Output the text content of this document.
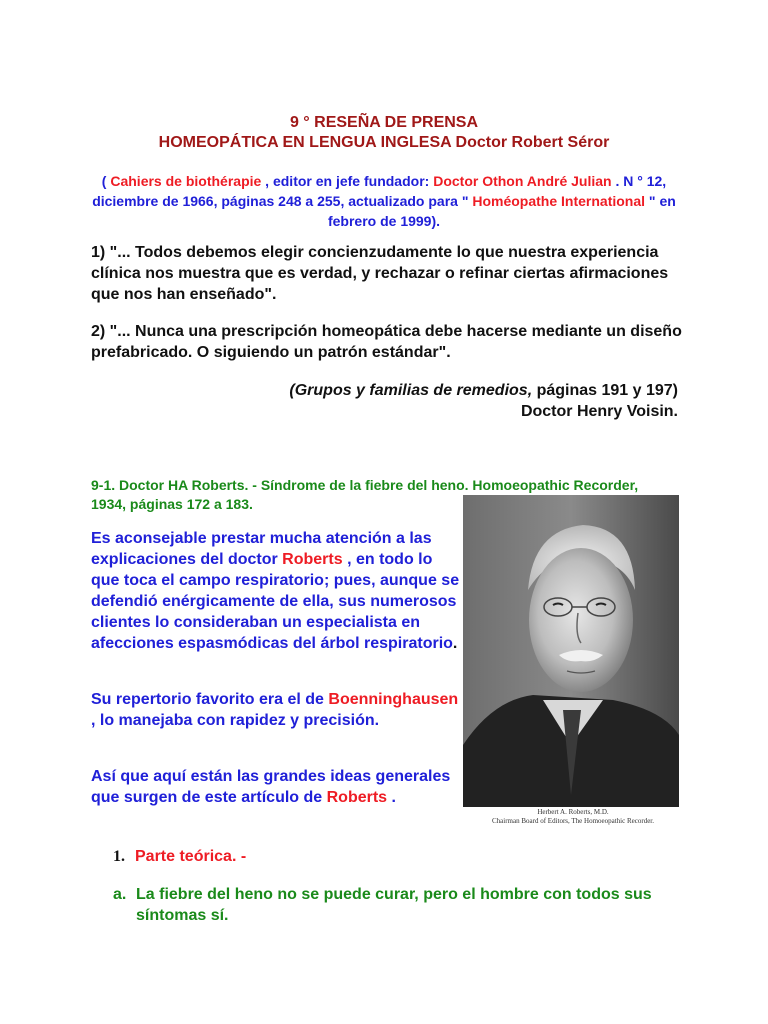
9 ° RESEÑA DE PRENSA
HOMEOPÁTICA EN LENGUA INGLESA Doctor Robert Séror
( Cahiers de biothérapie , editor en jefe fundador: Doctor Othon André Julian . N ° 12, diciembre de 1966, páginas 248 a 255, actualizado para " Homéopathe International " en febrero de 1999).
1) "... Todos debemos elegir concienzudamente lo que nuestra experiencia clínica nos muestra que es verdad, y rechazar o refinar ciertas afirmaciones que nos han enseñado".
2) "... Nunca una prescripción homeopática debe hacerse mediante un diseño prefabricado. O siguiendo un patrón estándar".
(Grupos y familias de remedios, páginas 191 y 197)
Doctor Henry Voisin.
9-1. Doctor HA Roberts. - Síndrome de la fiebre del heno. Homoeopathic Recorder, 1934, páginas 172 a 183.
Es aconsejable prestar mucha atención a las explicaciones del doctor Roberts , en todo lo que toca el campo respiratorio; pues, aunque se defendió enérgicamente de ella, sus numerosos clientes lo consideraban un especialista en afecciones espasmódicas del árbol respiratorio.
Su repertorio favorito era el de Boenninghausen , lo manejaba con rapidez y precisión.
Así que aquí están las grandes ideas generales que surgen de este artículo de Roberts .
Herbert A. Roberts, M.D.
Chairman Board of Editors, The Homoeopathic Recorder.
1. Parte teórica. -
a. La fiebre del heno no se puede curar, pero el hombre con todos sus síntomas sí.
